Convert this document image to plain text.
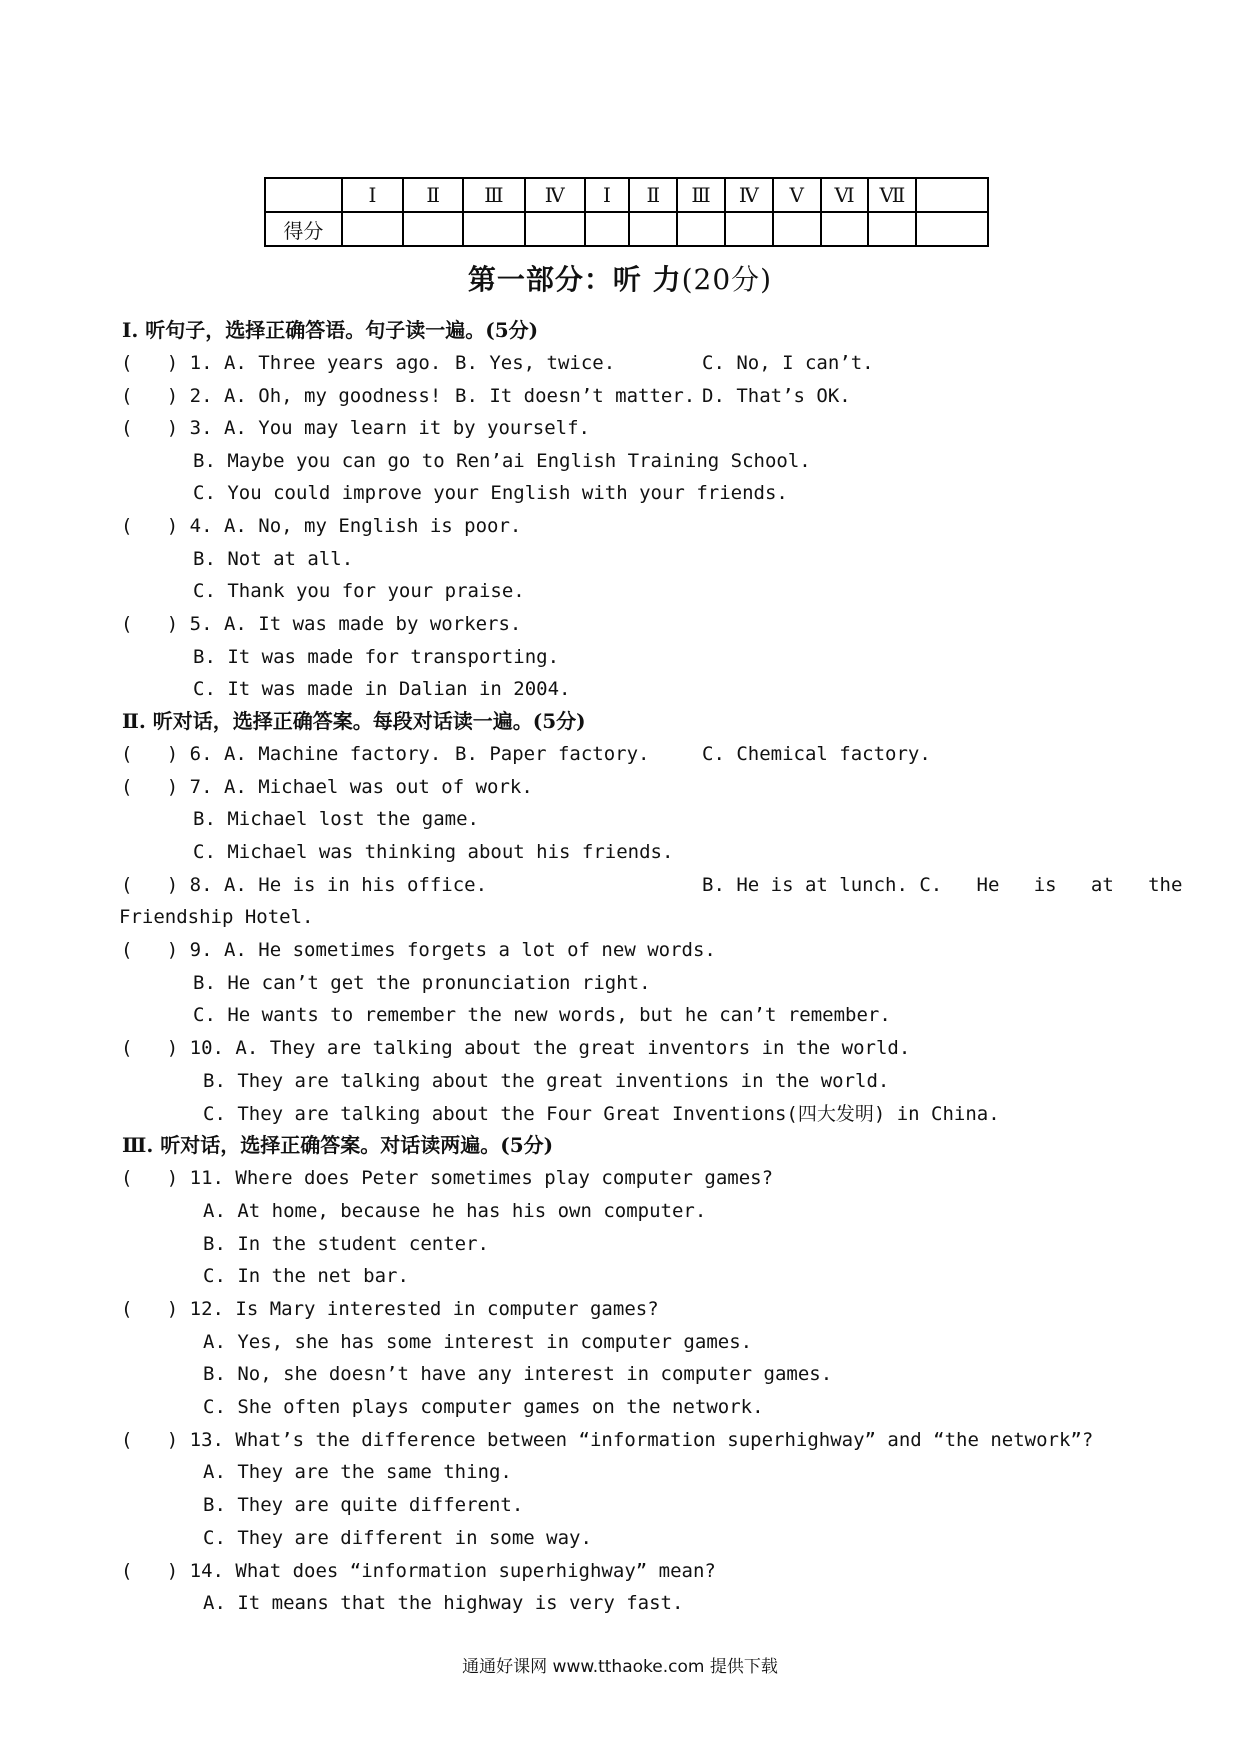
	Ⅰ	Ⅱ	Ⅲ	Ⅳ	Ⅰ	Ⅱ	Ⅲ	Ⅳ	Ⅴ	Ⅵ	Ⅶ	
得分												
第一部分：听 力(20分)
Ⅰ. 听句子，选择正确答语。句子读一遍。(5分)
(   ) 1. A. Three years ago. B. Yes, twice.	C. No, I can’t.
(   ) 2. A. Oh, my goodness! B. It doesn’t matter. D. That’s OK.
(   ) 3. A. You may learn it by yourself.
B. Maybe you can go to Ren’ai English Training School.
C. You could improve your English with your friends.
(   ) 4. A. No, my English is poor.
B. Not at all.
C. Thank you for your praise.
(   ) 5. A. It was made by workers.
B. It was made for transporting.
C. It was made in Dalian in 2004.
Ⅱ. 听对话，选择正确答案。每段对话读一遍。(5分)
(   ) 6. A. Machine factory. B. Paper factory.	C. Chemical factory.
(   ) 7. A. Michael was out of work.
B. Michael lost the game.
C. Michael was thinking about his friends.
(   ) 8. A. He is in his office.	B. He is at lunch. C.   He   is   at   the
Friendship Hotel.
(   ) 9. A. He sometimes forgets a lot of new words.
B. He can’t get the pronunciation right.
C. He wants to remember the new words, but he can’t remember.
(   ) 10. A. They are talking about the great inventors in the world.
B. They are talking about the great inventions in the world.
C. They are talking about the Four Great Inventions(四大发明) in China.
Ⅲ. 听对话，选择正确答案。对话读两遍。(5分)
(   ) 11. Where does Peter sometimes play computer games?
A. At home, because he has his own computer.
B. In the student center.
C. In the net bar.
(   ) 12. Is Mary interested in computer games?
A. Yes, she has some interest in computer games.
B. No, she doesn’t have any interest in computer games.
C. She often plays computer games on the network.
(   ) 13. What’s the difference between “information superhighway” and “the network”?
A. They are the same thing.
B. They are quite different.
C. They are different in some way.
(   ) 14. What does “information superhighway” mean?
A. It means that the highway is very fast.
通通好课网 www.tthaoke.com 提供下载
